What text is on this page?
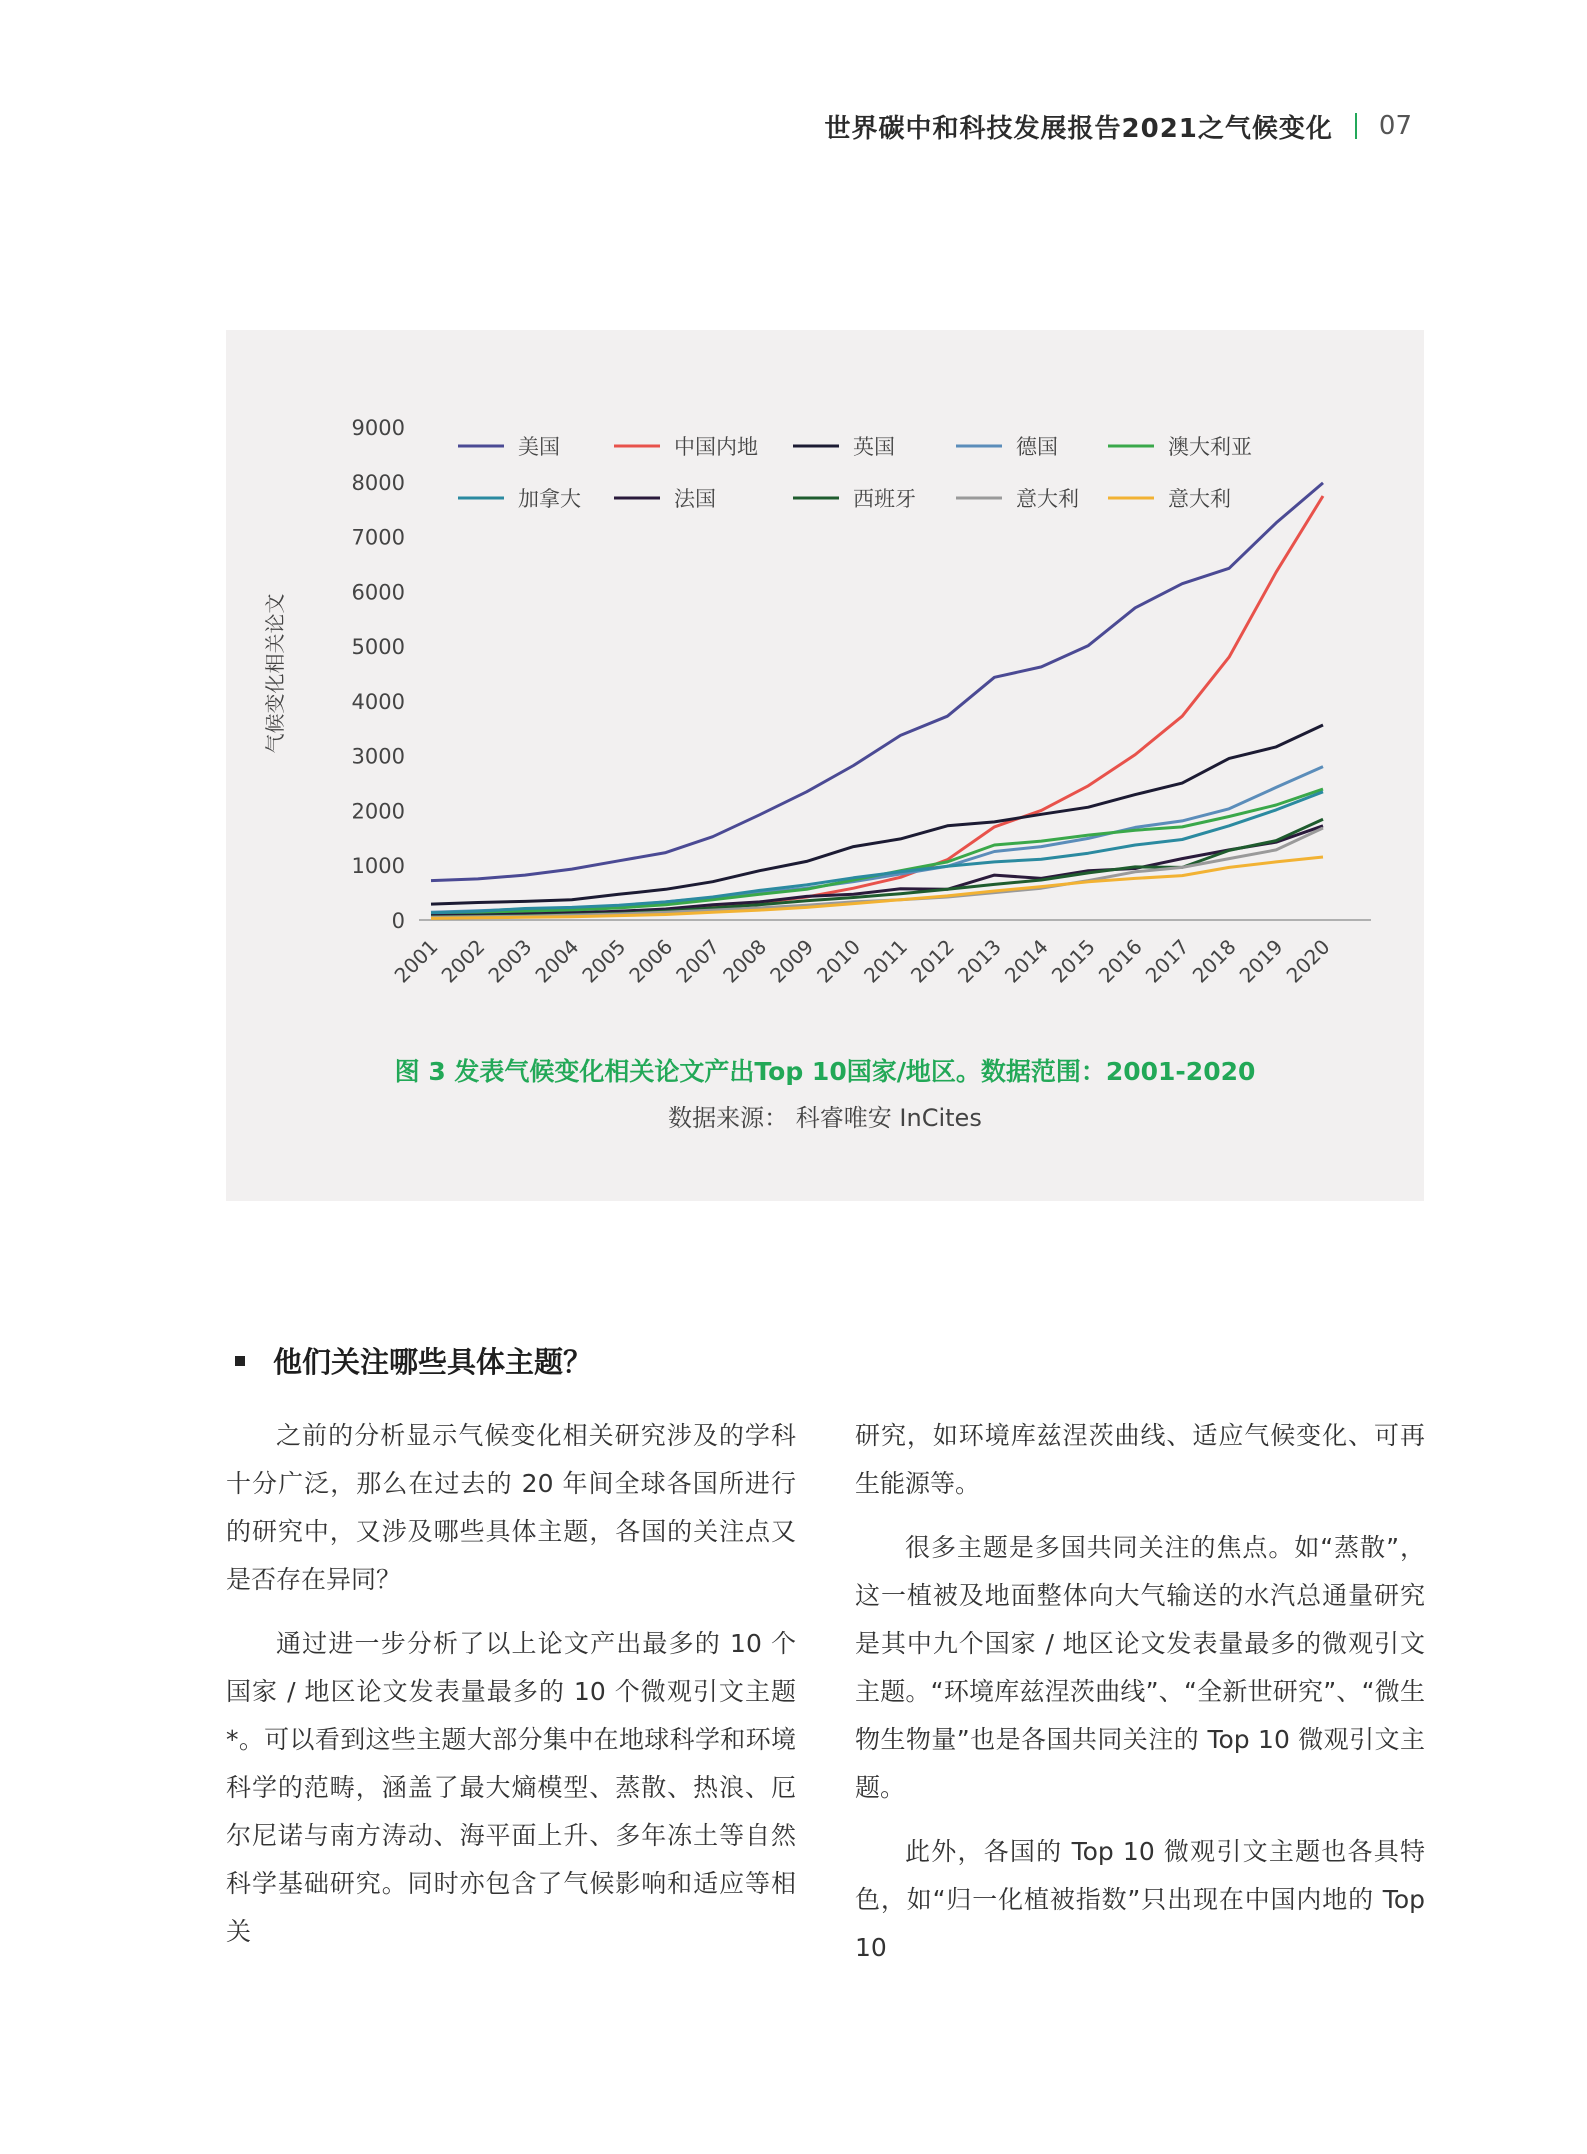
世界碳中和科技发展报告2021之气候变化 07
0
1000
2000
3000
4000
5000
6000
7000
8000
9000
2001
2002
2003
2004
2005
2006
2007
2008
2009
2010
2011
2012
2013
2014
2015
2016
2017
2018
2019
2020
气候变化相关论文
美国	中国内地	英国	德国	澳大利亚
加拿大	法国	西班牙	意大利	意大利
图 3 发表气候变化相关论文产出Top 10国家/地区。数据范围：2001-2020
数据来源： 科睿唯安 InCites
他们关注哪些具体主题？

之前的分析显示气候变化相关研究涉及的学科十分广泛，那么在过去的 20 年间全球各国所进行的研究中，又涉及哪些具体主题，各国的关注点又是否存在异同？

通过进一步分析了以上论文产出最多的 10 个国家 / 地区论文发表量最多的 10 个微观引文主题 *。可以看到这些主题大部分集中在地球科学和环境科学的范畴，涵盖了最大熵模型、蒸散、热浪、厄尔尼诺与南方涛动、海平面上升、多年冻土等自然科学基础研究。同时亦包含了气候影响和适应等相关

研究，如环境库兹涅茨曲线、适应气候变化、可再生能源等。

很多主题是多国共同关注的焦点。如“蒸散”，这一植被及地面整体向大气输送的水汽总通量研究是其中九个国家 / 地区论文发表量最多的微观引文主题。“环境库兹涅茨曲线”、“全新世研究”、“微生物生物量”也是各国共同关注的 Top 10 微观引文主题。

此外，各国的 Top 10 微观引文主题也各具特色，如“归一化植被指数”只出现在中国内地的 Top 10
